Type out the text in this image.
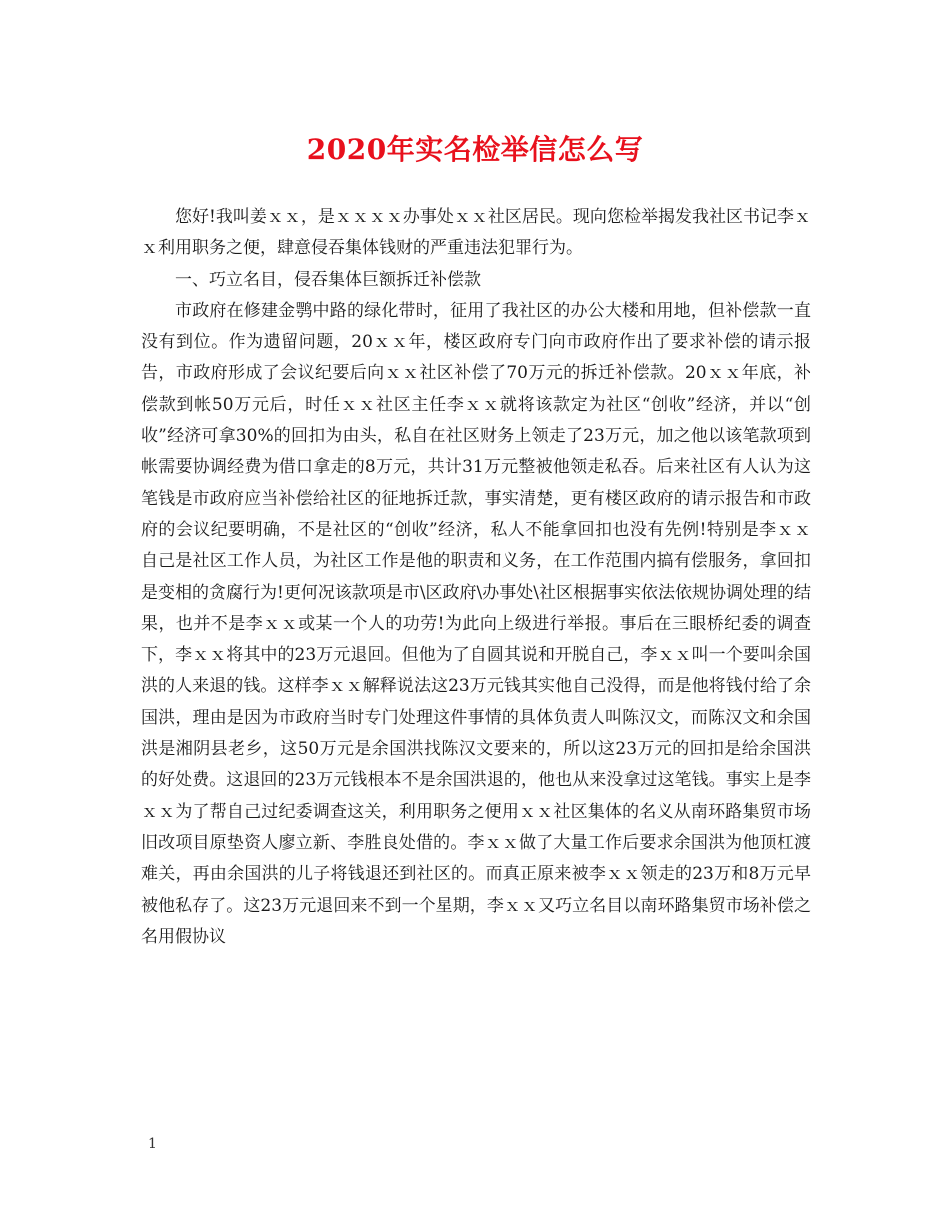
2020年实名检举信怎么写

您好!我叫姜ｘｘ，是ｘｘｘｘ办事处ｘｘ社区居民。现向您检举揭发我社区书记李ｘｘ利用职务之便，肆意侵吞集体钱财的严重违法犯罪行为。

一、巧立名目，侵吞集体巨额拆迁补偿款

市政府在修建金鹗中路的绿化带时，征用了我社区的办公大楼和用地，但补偿款一直没有到位。作为遗留问题，20ｘｘ年，楼区政府专门向市政府作出了要求补偿的请示报告，市政府形成了会议纪要后向ｘｘ社区补偿了70万元的拆迁补偿款。20ｘｘ年底，补偿款到帐50万元后，时任ｘｘ社区主任李ｘｘ就将该款定为社区“创收”经济，并以“创收”经济可拿30%的回扣为由头，私自在社区财务上领走了23万元，加之他以该笔款项到帐需要协调经费为借口拿走的8万元，共计31万元整被他领走私吞。后来社区有人认为这笔钱是市政府应当补偿给社区的征地拆迁款，事实清楚，更有楼区政府的请示报告和市政府的会议纪要明确，不是社区的“创收”经济，私人不能拿回扣也没有先例!特别是李ｘｘ自己是社区工作人员，为社区工作是他的职责和义务，在工作范围内搞有偿服务，拿回扣是变相的贪腐行为!更何况该款项是市\区政府\办事处\社区根据事实依法依规协调处理的结果，也并不是李ｘｘ或某一个人的功劳!为此向上级进行举报。事后在三眼桥纪委的调查下，李ｘｘ将其中的23万元退回。但他为了自圆其说和开脱自己，李ｘｘ叫一个要叫余国洪的人来退的钱。这样李ｘｘ解释说法这23万元钱其实他自己没得，而是他将钱付给了余国洪，理由是因为市政府当时专门处理这件事情的具体负责人叫陈汉文，而陈汉文和余国洪是湘阴县老乡，这50万元是余国洪找陈汉文要来的，所以这23万元的回扣是给余国洪的好处费。这退回的23万元钱根本不是余国洪退的，他也从来没拿过这笔钱。事实上是李ｘｘ为了帮自己过纪委调查这关，利用职务之便用ｘｘ社区集体的名义从南环路集贸市场旧改项目原垫资人廖立新、李胜良处借的。李ｘｘ做了大量工作后要求余国洪为他顶杠渡难关，再由余国洪的儿子将钱退还到社区的。而真正原来被李ｘｘ领走的23万和8万元早被他私存了。这23万元退回来不到一个星期，李ｘｘ又巧立名目以南环路集贸市场补偿之名用假协议

1
